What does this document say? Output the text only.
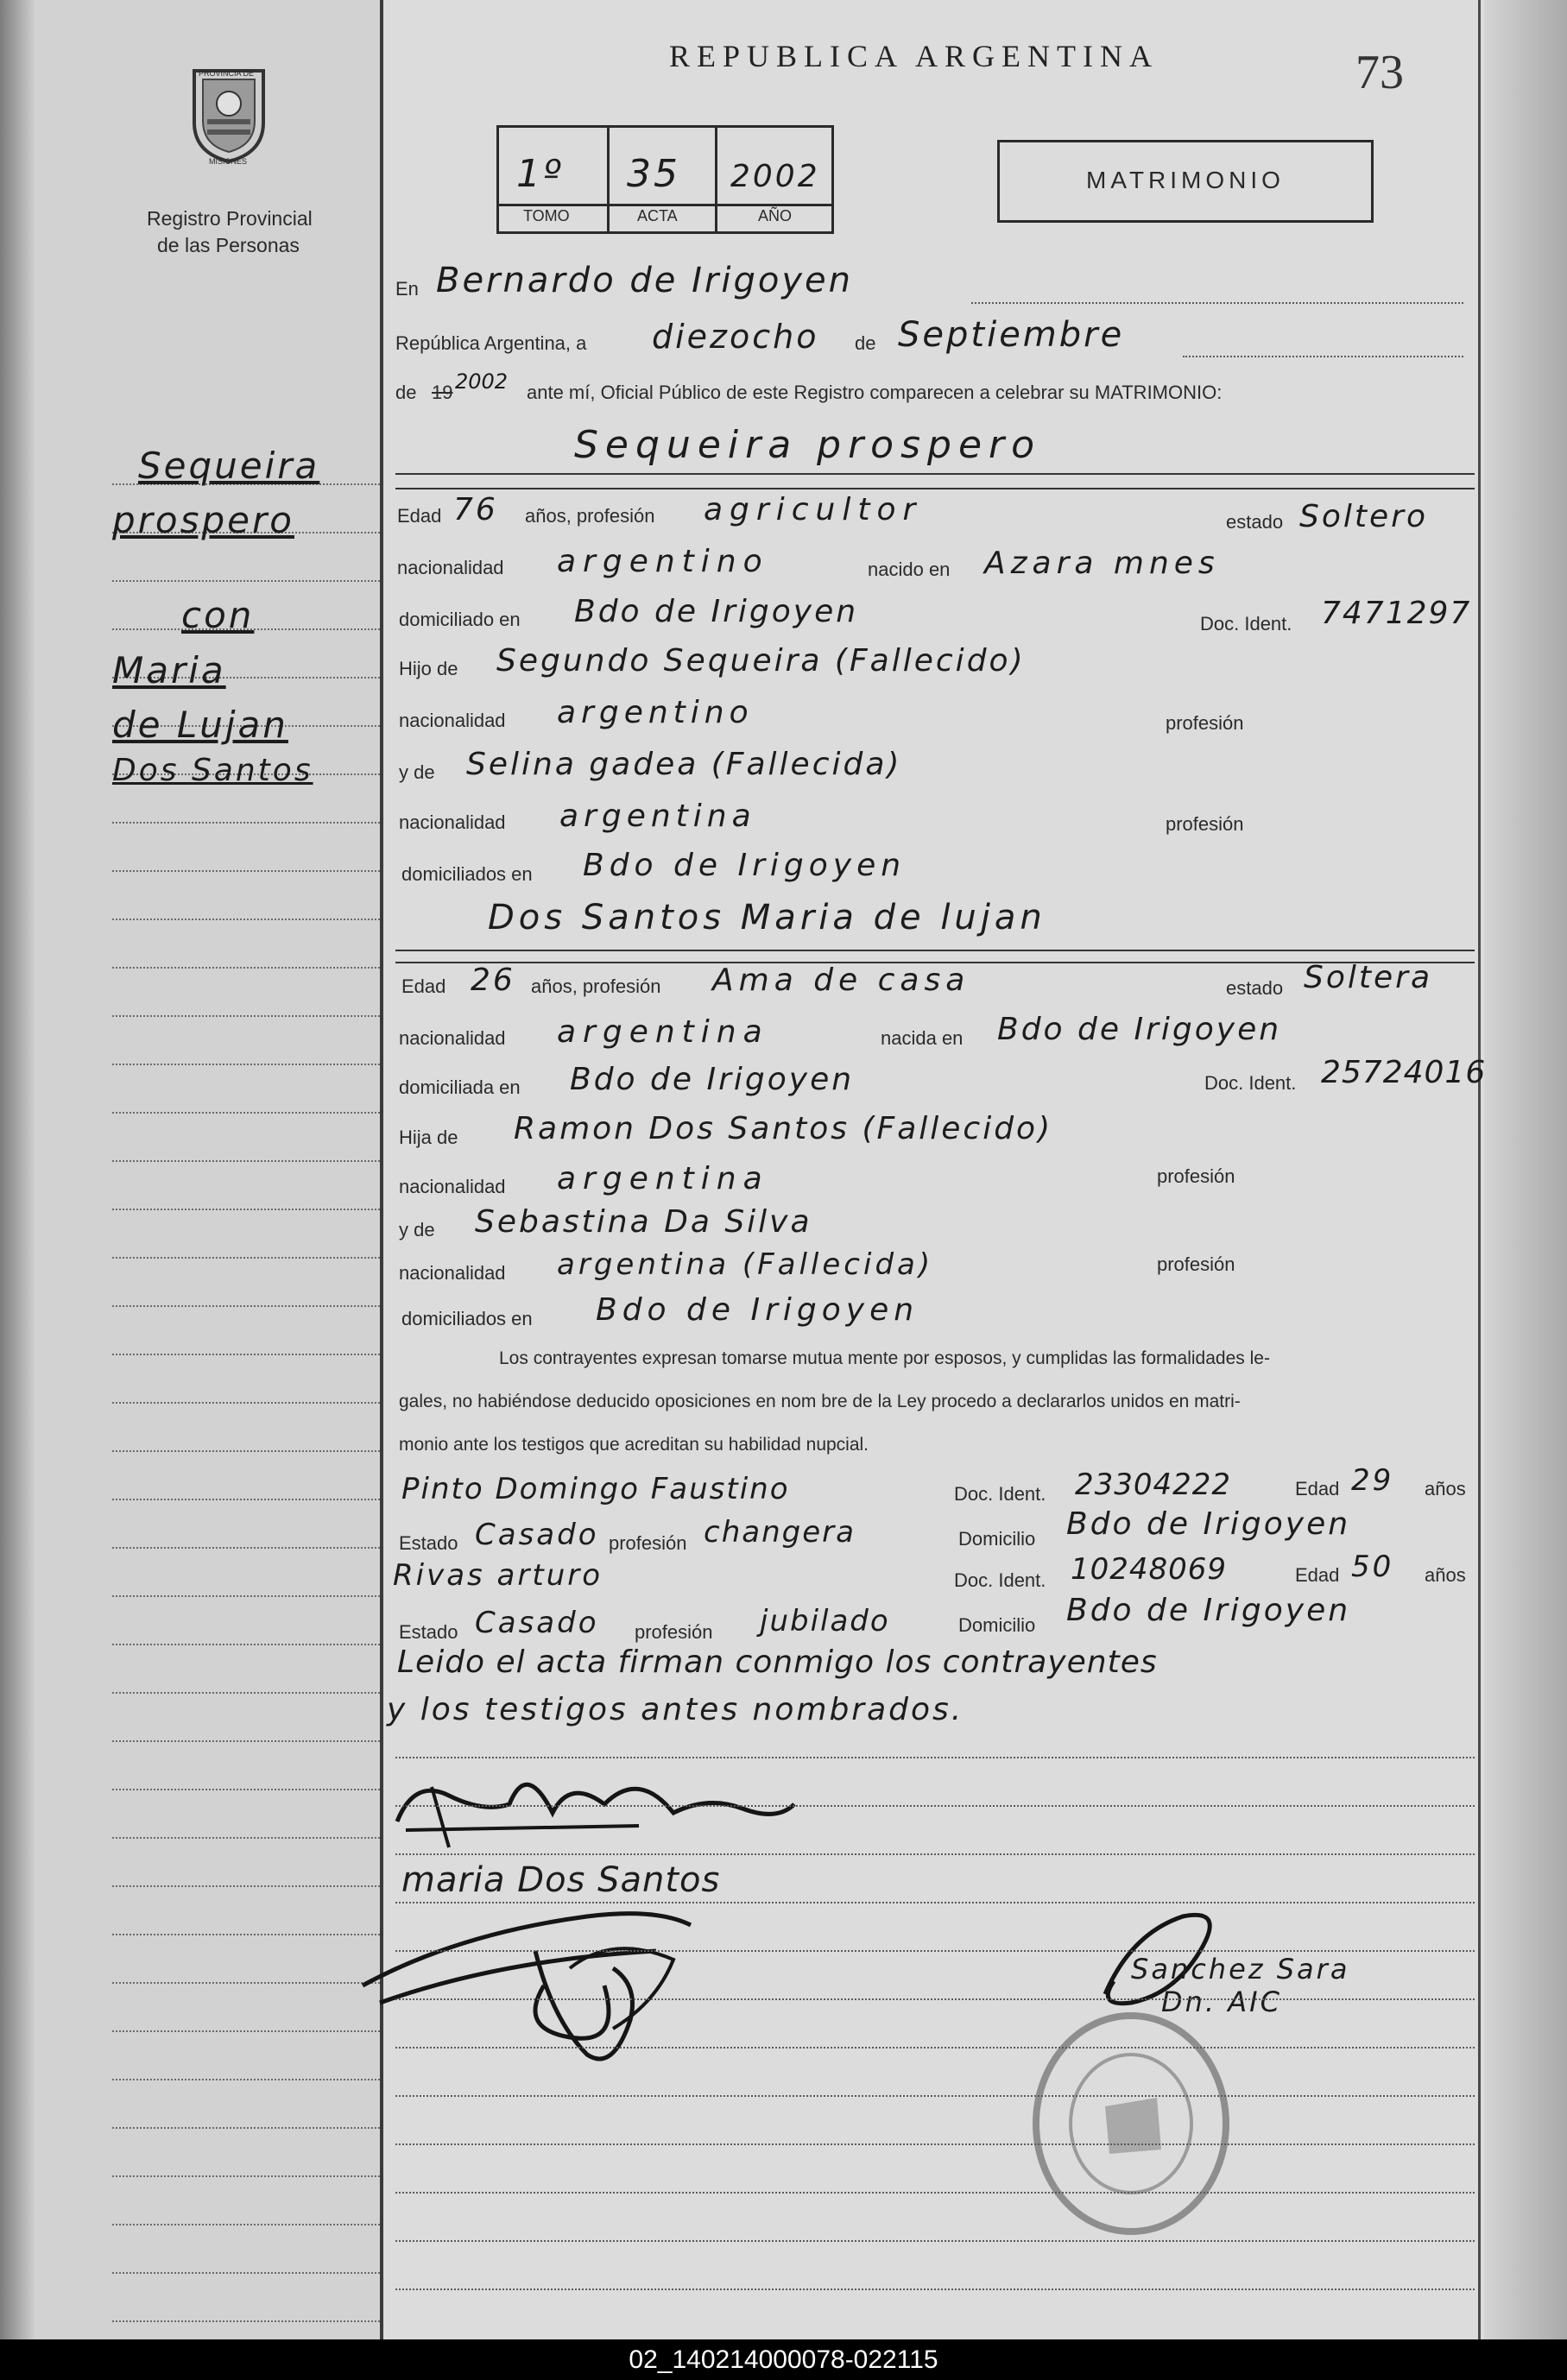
PROVINCIA DE
MISIONES
Registro Provincial
de las Personas
REPUBLICA ARGENTINA	73
1º 35 2002
TOMO	ACTA	AÑO
MATRIMONIO
Sequeira
prospero
con
Maria
de Lujan
Dos Santos
En Bernardo de Irigoyen
República Argentina, a diezocho de Septiembre
de 19 2002 ante mí, Oficial Público de este Registro comparecen a celebrar su MATRIMONIO:
Sequeira prospero
Edad 76 años, profesión agricultor	estado Soltero
nacionalidad argentino	nacido en Azara mnes
domiciliado en Bdo de Irigoyen	Doc. Ident. 7471297
Hijo de Segundo Sequeira (Fallecido)
nacionalidad argentino	profesión
y de Selina gadea (Fallecida)
nacionalidad argentina	profesión
domiciliados en Bdo de Irigoyen
Dos Santos Maria de lujan
Edad 26 años, profesión Ama de casa	estado Soltera
nacionalidad argentina	nacida en Bdo de Irigoyen
domiciliada en Bdo de Irigoyen	Doc. Ident. 25724016
Hija de Ramon Dos Santos (Fallecido)
nacionalidad argentina	profesión
y de Sebastina Da Silva
nacionalidad argentina (Fallecida)	profesión
domiciliados en Bdo de Irigoyen
Los contrayentes expresan tomarse mutua mente por esposos, y cumplidas las formalidades le-
gales, no habiéndose deducido oposiciones en nom bre de la Ley procedo a declararlos unidos en matri-
monio ante los testigos que acreditan su habilidad nupcial.
Pinto Domingo Faustino	Doc. Ident. 23304222	Edad 29 años
Estado Casado profesión changera	Domicilio Bdo de Irigoyen
Rivas arturo	Doc. Ident. 10248069	Edad 50 años
Estado Casado profesión jubilado	Domicilio Bdo de Irigoyen
Leido el acta firman conmigo los contrayentes
y los testigos antes nombrados.
maria Dos Santos
Sanchez Sara
Dn. AIC
02_140214000078-022115
